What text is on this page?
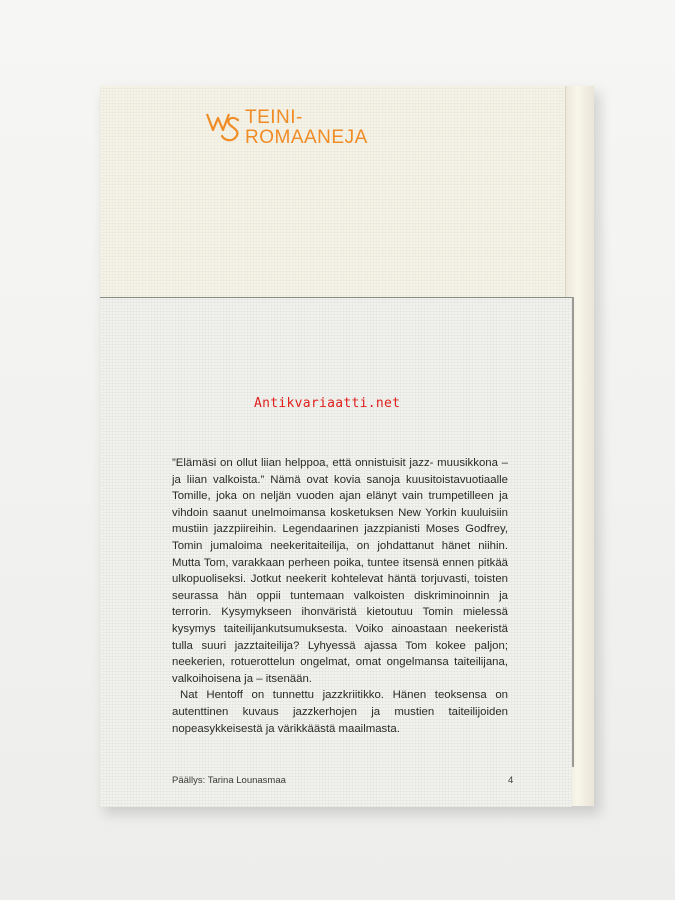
TEINI-
ROMAANEJA
Antikvariaatti.net

”Elämäsi on ollut liian helppoa, että onnistuisit jazz- muusikkona – ja liian valkoista.” Nämä ovat kovia sanoja kuusitoistavuotiaalle Tomille, joka on neljän vuoden ajan elänyt vain trumpetilleen ja vihdoin saanut unelmoimansa kosketuksen New Yorkin kuuluisiin mustiin jazzpiireihin. Legendaarinen jazzpianisti Moses Godfrey, Tomin jumaloima neekeritaiteilija, on johdattanut hänet niihin. Mutta Tom, varakkaan perheen poika, tuntee itsensä ennen pitkää ulkopuoliseksi. Jotkut neekerit kohtelevat häntä torjuvasti, toisten seurassa hän oppii tuntemaan valkoisten diskriminoinnin ja terrorin. Kysymykseen ihonväristä kietoutuu Tomin mielessä kysymys taiteilijankutsumuksesta. Voiko ainoastaan neekeristä tulla suuri jazztaiteilija? Lyhyessä ajassa Tom kokee paljon; neekerien, rotuerottelun ongelmat, omat ongelmansa taiteilijana, valkoihoisena ja – itsenään.

Nat Hentoff on tunnettu jazzkriitikko. Hänen teoksensa on autenttinen kuvaus jazzkerhojen ja mustien taiteilijoiden nopeasykkeisestä ja värikkäästä maailmasta.

Päällys: Tarina Lounasmaa	4
